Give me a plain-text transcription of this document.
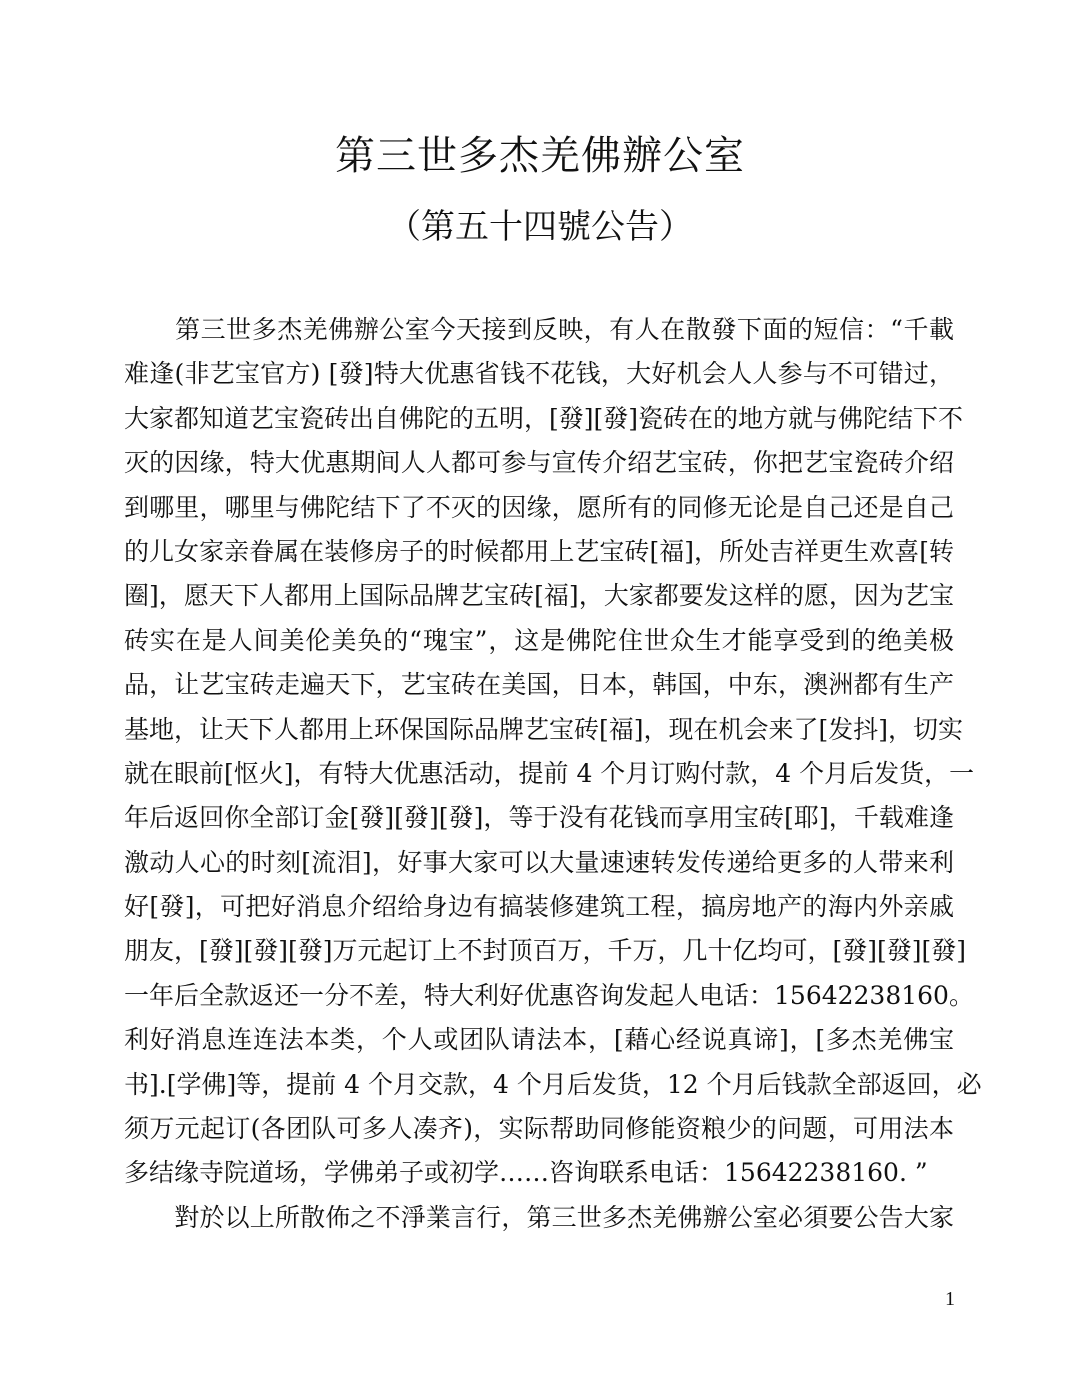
第三世多杰羌佛辦公室
（第五十四號公告）
　　第三世多杰羌佛辦公室今天接到反映，有人在散發下面的短信：“千載
难逢(非艺宝官方) [發]特大优惠省钱不花钱，大好机会人人参与不可错过，
大家都知道艺宝瓷砖出自佛陀的五明，[發][發]瓷砖在的地方就与佛陀结下不
灭的因缘，特大优惠期间人人都可参与宣传介绍艺宝砖，你把艺宝瓷砖介绍
到哪里，哪里与佛陀结下了不灭的因缘，愿所有的同修无论是自己还是自己
的儿女家亲眷属在装修房子的时候都用上艺宝砖[福]，所处吉祥更生欢喜[转
圈]，愿天下人都用上国际品牌艺宝砖[福]，大家都要发这样的愿，因为艺宝
砖实在是人间美伦美奂的“瑰宝”，这是佛陀住世众生才能享受到的绝美极
品，让艺宝砖走遍天下，艺宝砖在美国，日本，韩国，中东，澳洲都有生产
基地，让天下人都用上环保国际品牌艺宝砖[福]，现在机会来了[发抖]，切实
就在眼前[怄火]，有特大优惠活动，提前 4 个月订购付款，4 个月后发货，一
年后返回你全部订金[發][發][發]，等于没有花钱而享用宝砖[耶]，千载难逢
激动人心的时刻[流泪]，好事大家可以大量速速转发传递给更多的人带来利
好[發]，可把好消息介绍给身边有搞装修建筑工程，搞房地产的海内外亲戚
朋友，[發][發][發]万元起订上不封顶百万，千万，几十亿均可，[發][發][發]
一年后全款返还一分不差，特大利好优惠咨询发起人电话：15642238160。
利好消息连连法本类，个人或团队请法本，[藉心经说真谛]，[多杰羌佛宝
书].[学佛]等，提前 4 个月交款，4 个月后发货，12 个月后钱款全部返回，必
须万元起订(各团队可多人凑齐)，实际帮助同修能资粮少的问题，可用法本
多结缘寺院道场，学佛弟子或初学……咨询联系电话：15642238160. ”
　　對於以上所散佈之不淨業言行，第三世多杰羌佛辦公室必須要公告大家
1
